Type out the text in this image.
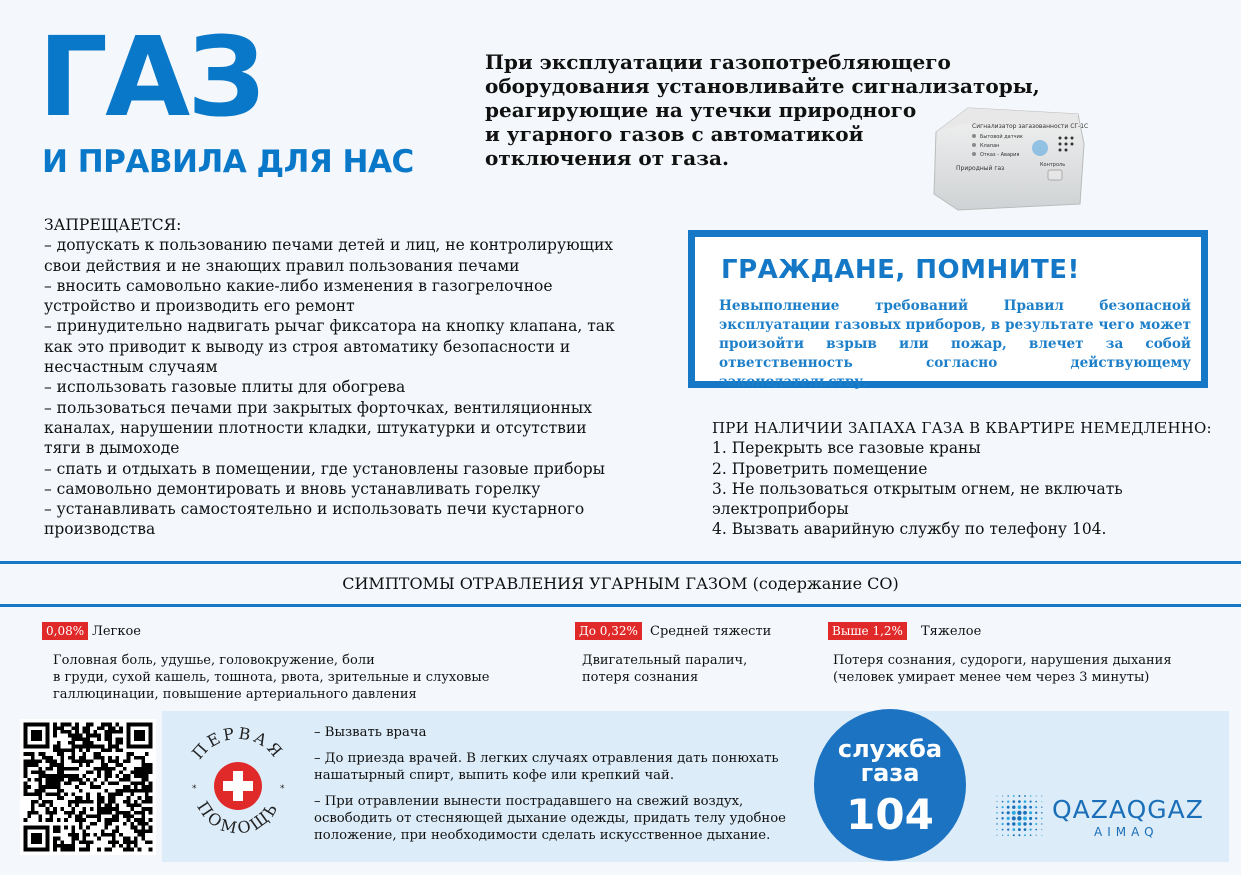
ГАЗ
И ПРАВИЛА ДЛЯ НАС
При эксплуатации газопотребляющего
оборудования установливайте сигнализаторы,
реагирующие на утечки природного
и угарного газов с автоматикой
отключения от газа.
Сигнализатор загазованности СГ-1С
Бытовой датчик
Клапан
Отказ - Авария
Природный газ	Контроль
ЗАПРЕЩАЕТСЯ:
– допускать к пользованию печами детей и лиц, не контролирующих
свои действия и не знающих правил пользования печами
– вносить самовольно какие-либо изменения в газогрелочное
устройство и производить его ремонт
– принудительно надвигать рычаг фиксатора на кнопку клапана, так
как это приводит к выводу из строя автоматику безопасности и
несчастным случаям
– использовать газовые плиты для обогрева
– пользоваться печами при закрытых форточках, вентиляционных
каналах, нарушении плотности кладки, штукатурки и отсутствии
тяги в дымоходе
– спать и отдыхать в помещении, где установлены газовые приборы
– самовольно демонтировать и вновь устанавливать горелку
– устанавливать самостоятельно и использовать печи кустарного
производства
ГРАЖДАНЕ, ПОМНИТЕ!
Невыполнение требований Правил безопасной эксплуатации газовых приборов, в результате чего может произойти взрыв или пожар, влечет за собой ответственность согласно действующему законодательству.
ПРИ НАЛИЧИИ ЗАПАХА ГАЗА В КВАРТИРЕ НЕМЕДЛЕННО:
1. Перекрыть все газовые краны
2. Проветрить помещение
3. Не пользоваться открытым огнем, не включать
электроприборы
4. Вызвать аварийную службу по телефону 104.
СИМПТОМЫ ОТРАВЛЕНИЯ УГАРНЫМ ГАЗОМ (содержание CO)
0,08% Легкое
Головная боль, удушье, головокружение, боли
в груди, сухой кашель, тошнота, рвота, зрительные и слуховые
галлюцинации, повышение артериального давления
До 0,32% Средней тяжести
Двигательный паралич,
потеря сознания
Выше 1,2%	Тяжелое
Потеря сознания, судороги, нарушения дыхания
(человек умирает менее чем через 3 минуты)
ПЕРВАЯ
ПОМОЩЬ
*	*

– Вызвать врача

– До приезда врачей. В легких случаях отравления дать понюхать нашатырный спирт, выпить кофе или крепкий чай.

– При отравлении вынести пострадавшего на свежий воздух, освободить от стесняющей дыхание одежды, придать телу удобное положение, при необходимости сделать искусственное дыхание.

служба
газа
104	QAZAQGAZ
AIMAQ
